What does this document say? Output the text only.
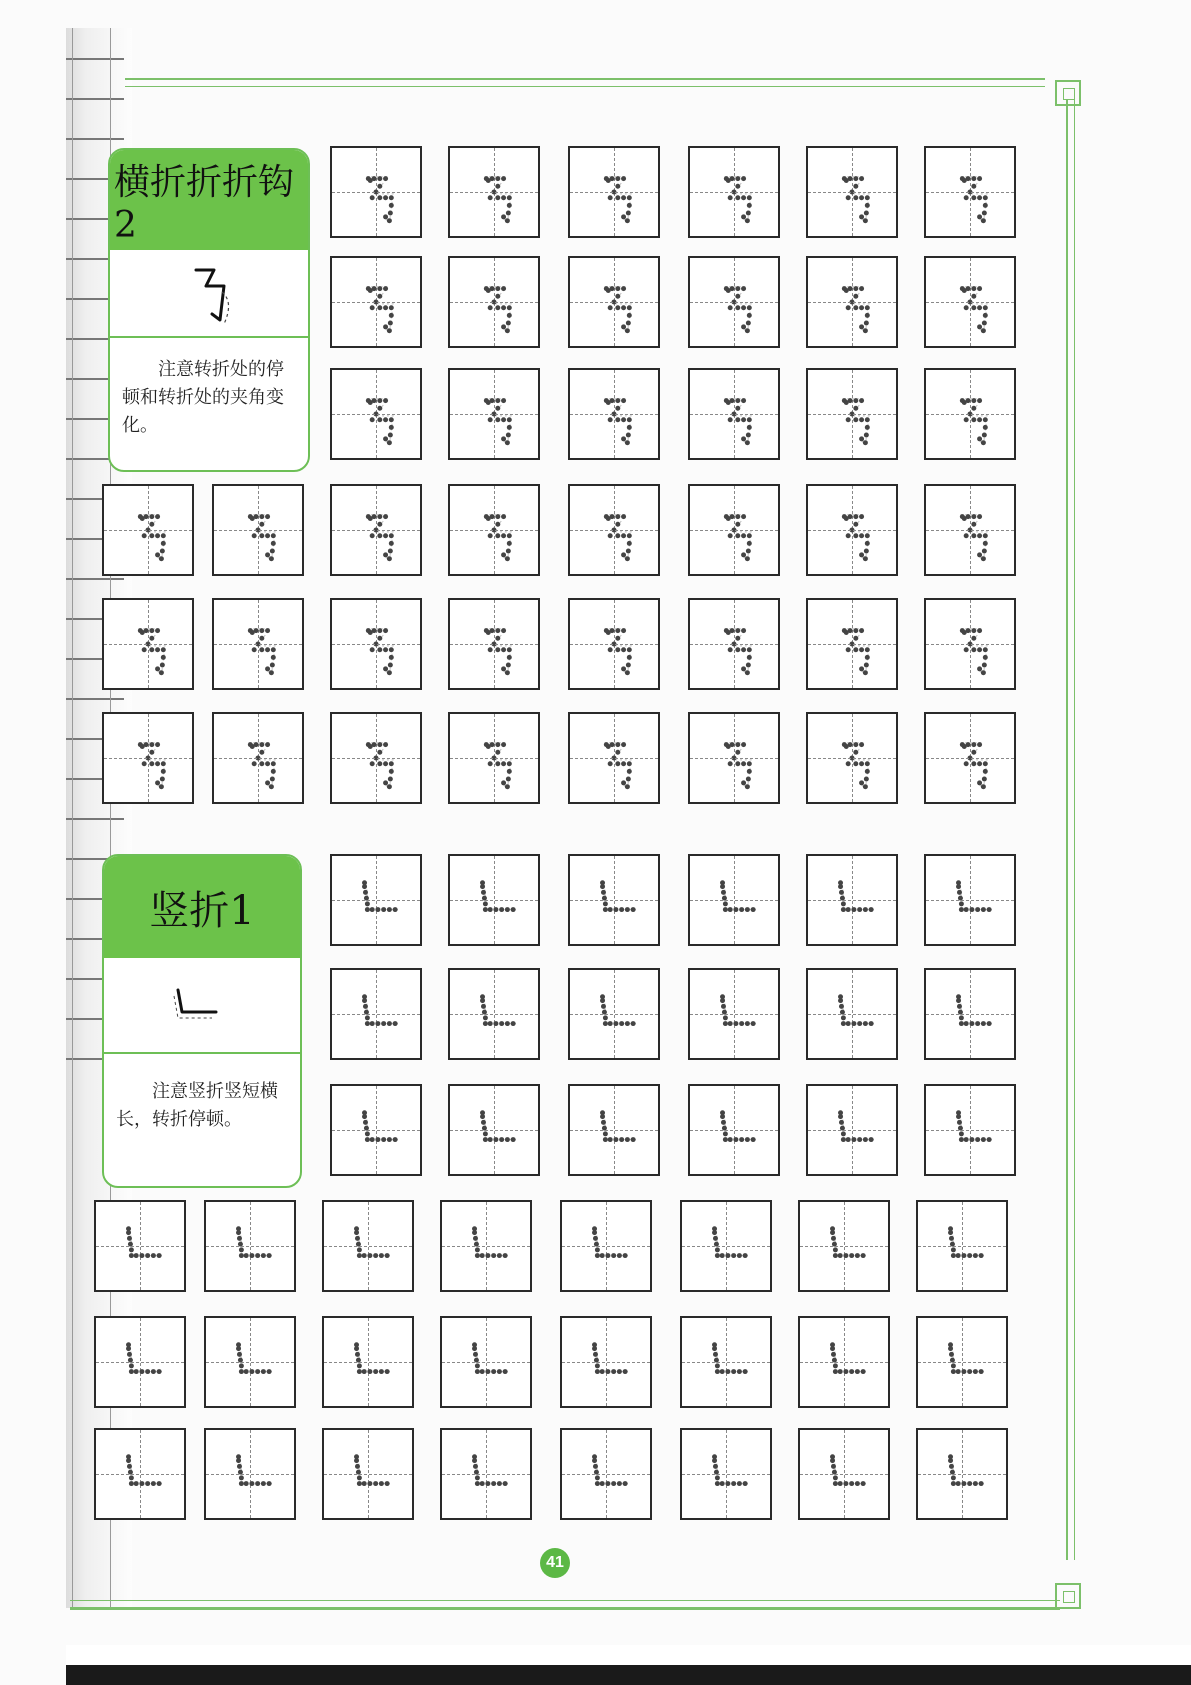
横折折折钩2
注意转折处的停顿和转折处的夹角变化。
竖折1
注意竖折竖短横长，转折停顿。
41
